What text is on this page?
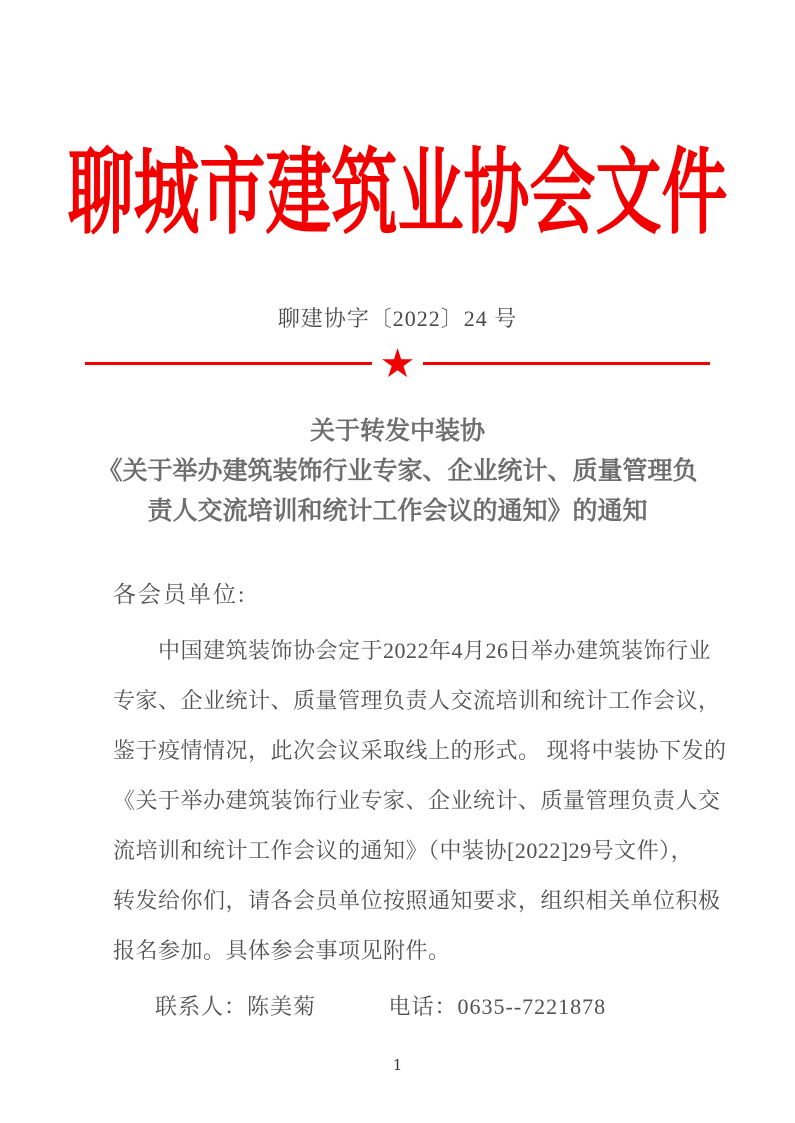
聊城市建筑业协会文件
聊建协字〔2022〕24 号
★
关于转发中装协
《关于举办建筑装饰行业专家、企业统计、质量管理负
责人交流培训和统计工作会议的通知》的通知
各会员单位:
中国建筑装饰协会定于2022年4月26日举办建筑装饰行业
专家、企业统计、质量管理负责人交流培训和统计工作会议，
鉴于疫情情况，此次会议采取线上的形式。 现将中装协下发的
《关于举办建筑装饰行业专家、企业统计、质量管理负责人交
流培训和统计工作会议的通知》（中装协[2022]29号文件），
转发给你们，请各会员单位按照通知要求，组织相关单位积极
报名参加。具体参会事项见附件。
联系人：陈美菊	电话：0635--7221878
1
